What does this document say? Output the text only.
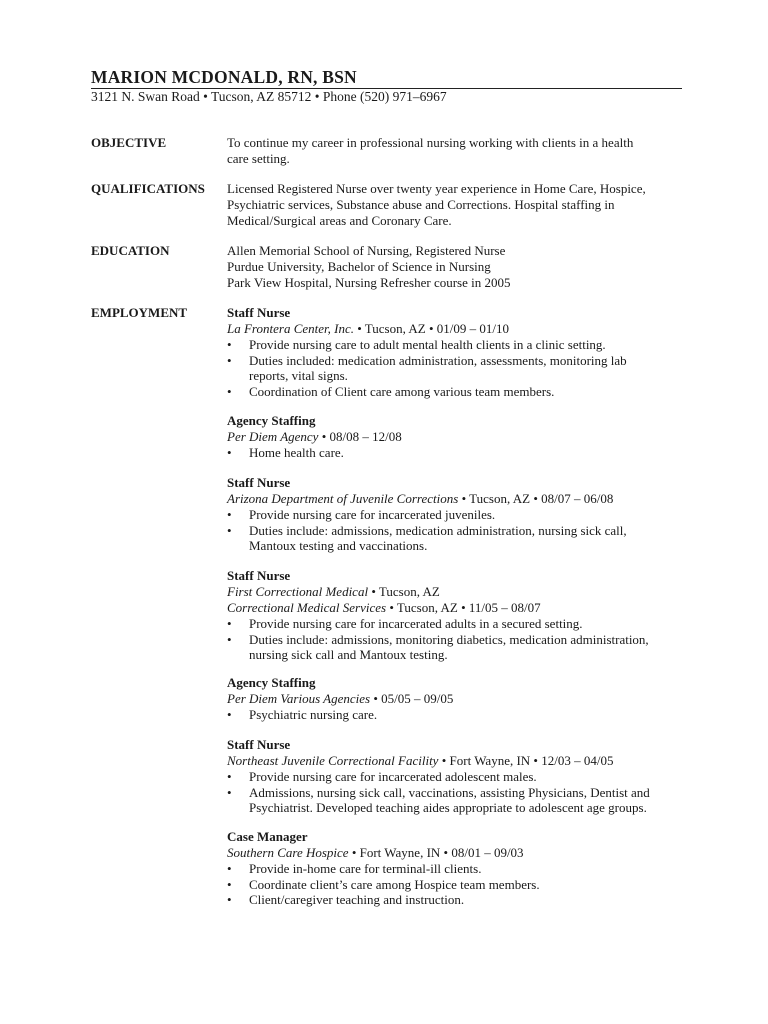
MARION MCDONALD, RN, BSN
3121 N. Swan Road • Tucson, AZ 85712 • Phone (520) 971–6967
OBJECTIVE	To continue my career in professional nursing working with clients in a health
care setting.
QUALIFICATIONS Licensed Registered Nurse over twenty year experience in Home Care, Hospice,
Psychiatric services, Substance abuse and Corrections. Hospital staffing in
Medical/Surgical areas and Coronary Care.
EDUCATION	Allen Memorial School of Nursing, Registered Nurse
Purdue University, Bachelor of Science in Nursing
Park View Hospital, Nursing Refresher course in 2005
EMPLOYMENT	Staff Nurse
La Frontera Center, Inc. • Tucson, AZ • 01/09 – 01/10
• Provide nursing care to adult mental health clients in a clinic setting.
• Duties included: medication administration, assessments, monitoring lab
reports, vital signs.
• Coordination of Client care among various team members.
Agency Staffing
Per Diem Agency • 08/08 – 12/08
• Home health care.
Staff Nurse
Arizona Department of Juvenile Corrections • Tucson, AZ • 08/07 – 06/08
• Provide nursing care for incarcerated juveniles.
• Duties include: admissions, medication administration, nursing sick call,
Mantoux testing and vaccinations.
Staff Nurse
First Correctional Medical • Tucson, AZ
Correctional Medical Services • Tucson, AZ • 11/05 – 08/07
• Provide nursing care for incarcerated adults in a secured setting.
• Duties include: admissions, monitoring diabetics, medication administration,
nursing sick call and Mantoux testing.
Agency Staffing
Per Diem Various Agencies • 05/05 – 09/05
• Psychiatric nursing care.
Staff Nurse
Northeast Juvenile Correctional Facility • Fort Wayne, IN • 12/03 – 04/05
• Provide nursing care for incarcerated adolescent males.
• Admissions, nursing sick call, vaccinations, assisting Physicians, Dentist and
Psychiatrist. Developed teaching aides appropriate to adolescent age groups.
Case Manager
Southern Care Hospice • Fort Wayne, IN • 08/01 – 09/03
• Provide in-home care for terminal-ill clients.
• Coordinate client’s care among Hospice team members.
• Client/caregiver teaching and instruction.
